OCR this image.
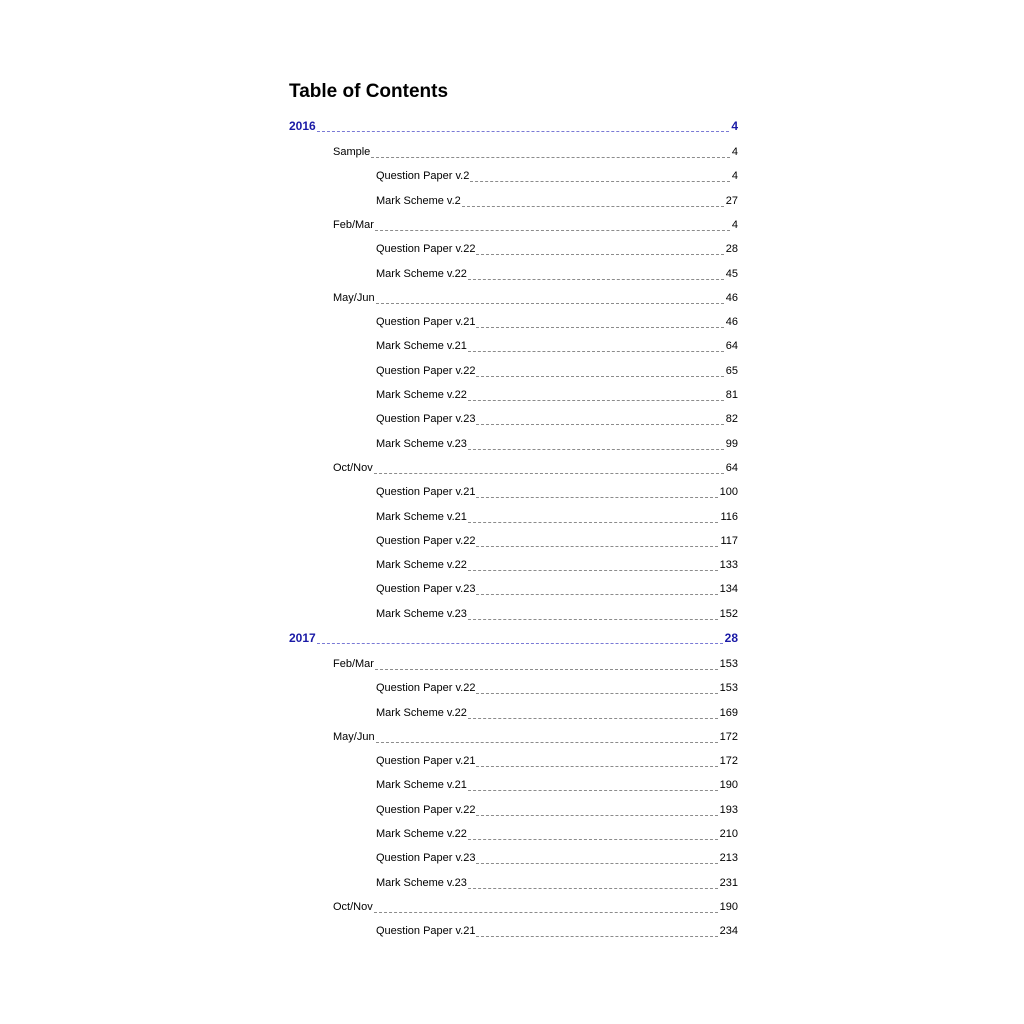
Table of Contents
2016	4
Sample	4
Question Paper v.2	4
Mark Scheme v.2	27
Feb/Mar	4
Question Paper v.22	28
Mark Scheme v.22	45
May/Jun	46
Question Paper v.21	46
Mark Scheme v.21	64
Question Paper v.22	65
Mark Scheme v.22	81
Question Paper v.23	82
Mark Scheme v.23	99
Oct/Nov	64
Question Paper v.21	100
Mark Scheme v.21	116
Question Paper v.22	117
Mark Scheme v.22	133
Question Paper v.23	134
Mark Scheme v.23	152
2017	28
Feb/Mar	153
Question Paper v.22	153
Mark Scheme v.22	169
May/Jun	172
Question Paper v.21	172
Mark Scheme v.21	190
Question Paper v.22	193
Mark Scheme v.22	210
Question Paper v.23	213
Mark Scheme v.23	231
Oct/Nov	190
Question Paper v.21	234
